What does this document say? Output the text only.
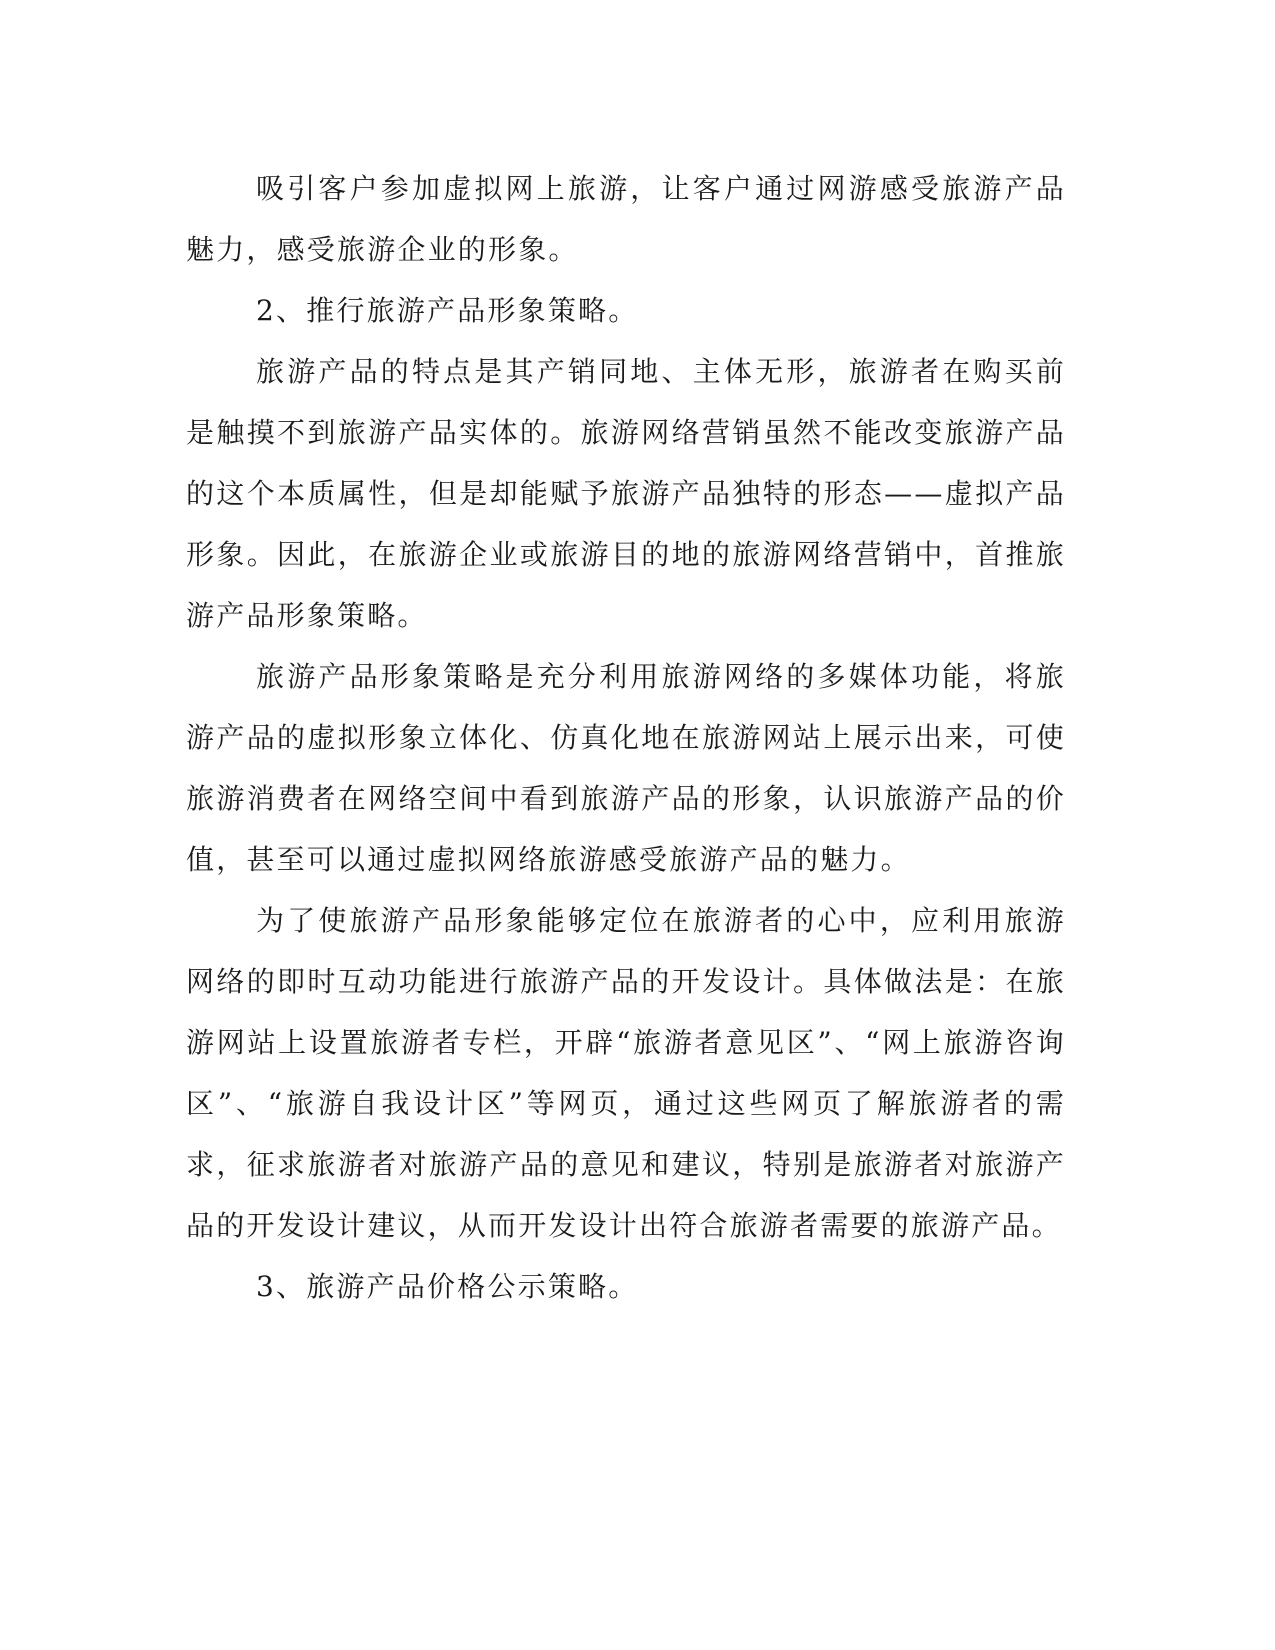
吸引客户参加虚拟网上旅游，让客户通过网游感受旅游产品魅力，感受旅游企业的形象。

2、推行旅游产品形象策略。

旅游产品的特点是其产销同地、主体无形，旅游者在购买前是触摸不到旅游产品实体的。旅游网络营销虽然不能改变旅游产品的这个本质属性，但是却能赋予旅游产品独特的形态——虚拟产品形象。因此，在旅游企业或旅游目的地的旅游网络营销中，首推旅游产品形象策略。

旅游产品形象策略是充分利用旅游网络的多媒体功能，将旅游产品的虚拟形象立体化、仿真化地在旅游网站上展示出来，可使旅游消费者在网络空间中看到旅游产品的形象，认识旅游产品的价值，甚至可以通过虚拟网络旅游感受旅游产品的魅力。

为了使旅游产品形象能够定位在旅游者的心中，应利用旅游网络的即时互动功能进行旅游产品的开发设计。具体做法是：在旅游网站上设置旅游者专栏，开辟“旅游者意见区”、“网上旅游咨询区”、“旅游自我设计区”等网页，通过这些网页了解旅游者的需求，征求旅游者对旅游产品的意见和建议，特别是旅游者对旅游产品的开发设计建议，从而开发设计出符合旅游者需要的旅游产品。

3、旅游产品价格公示策略。
